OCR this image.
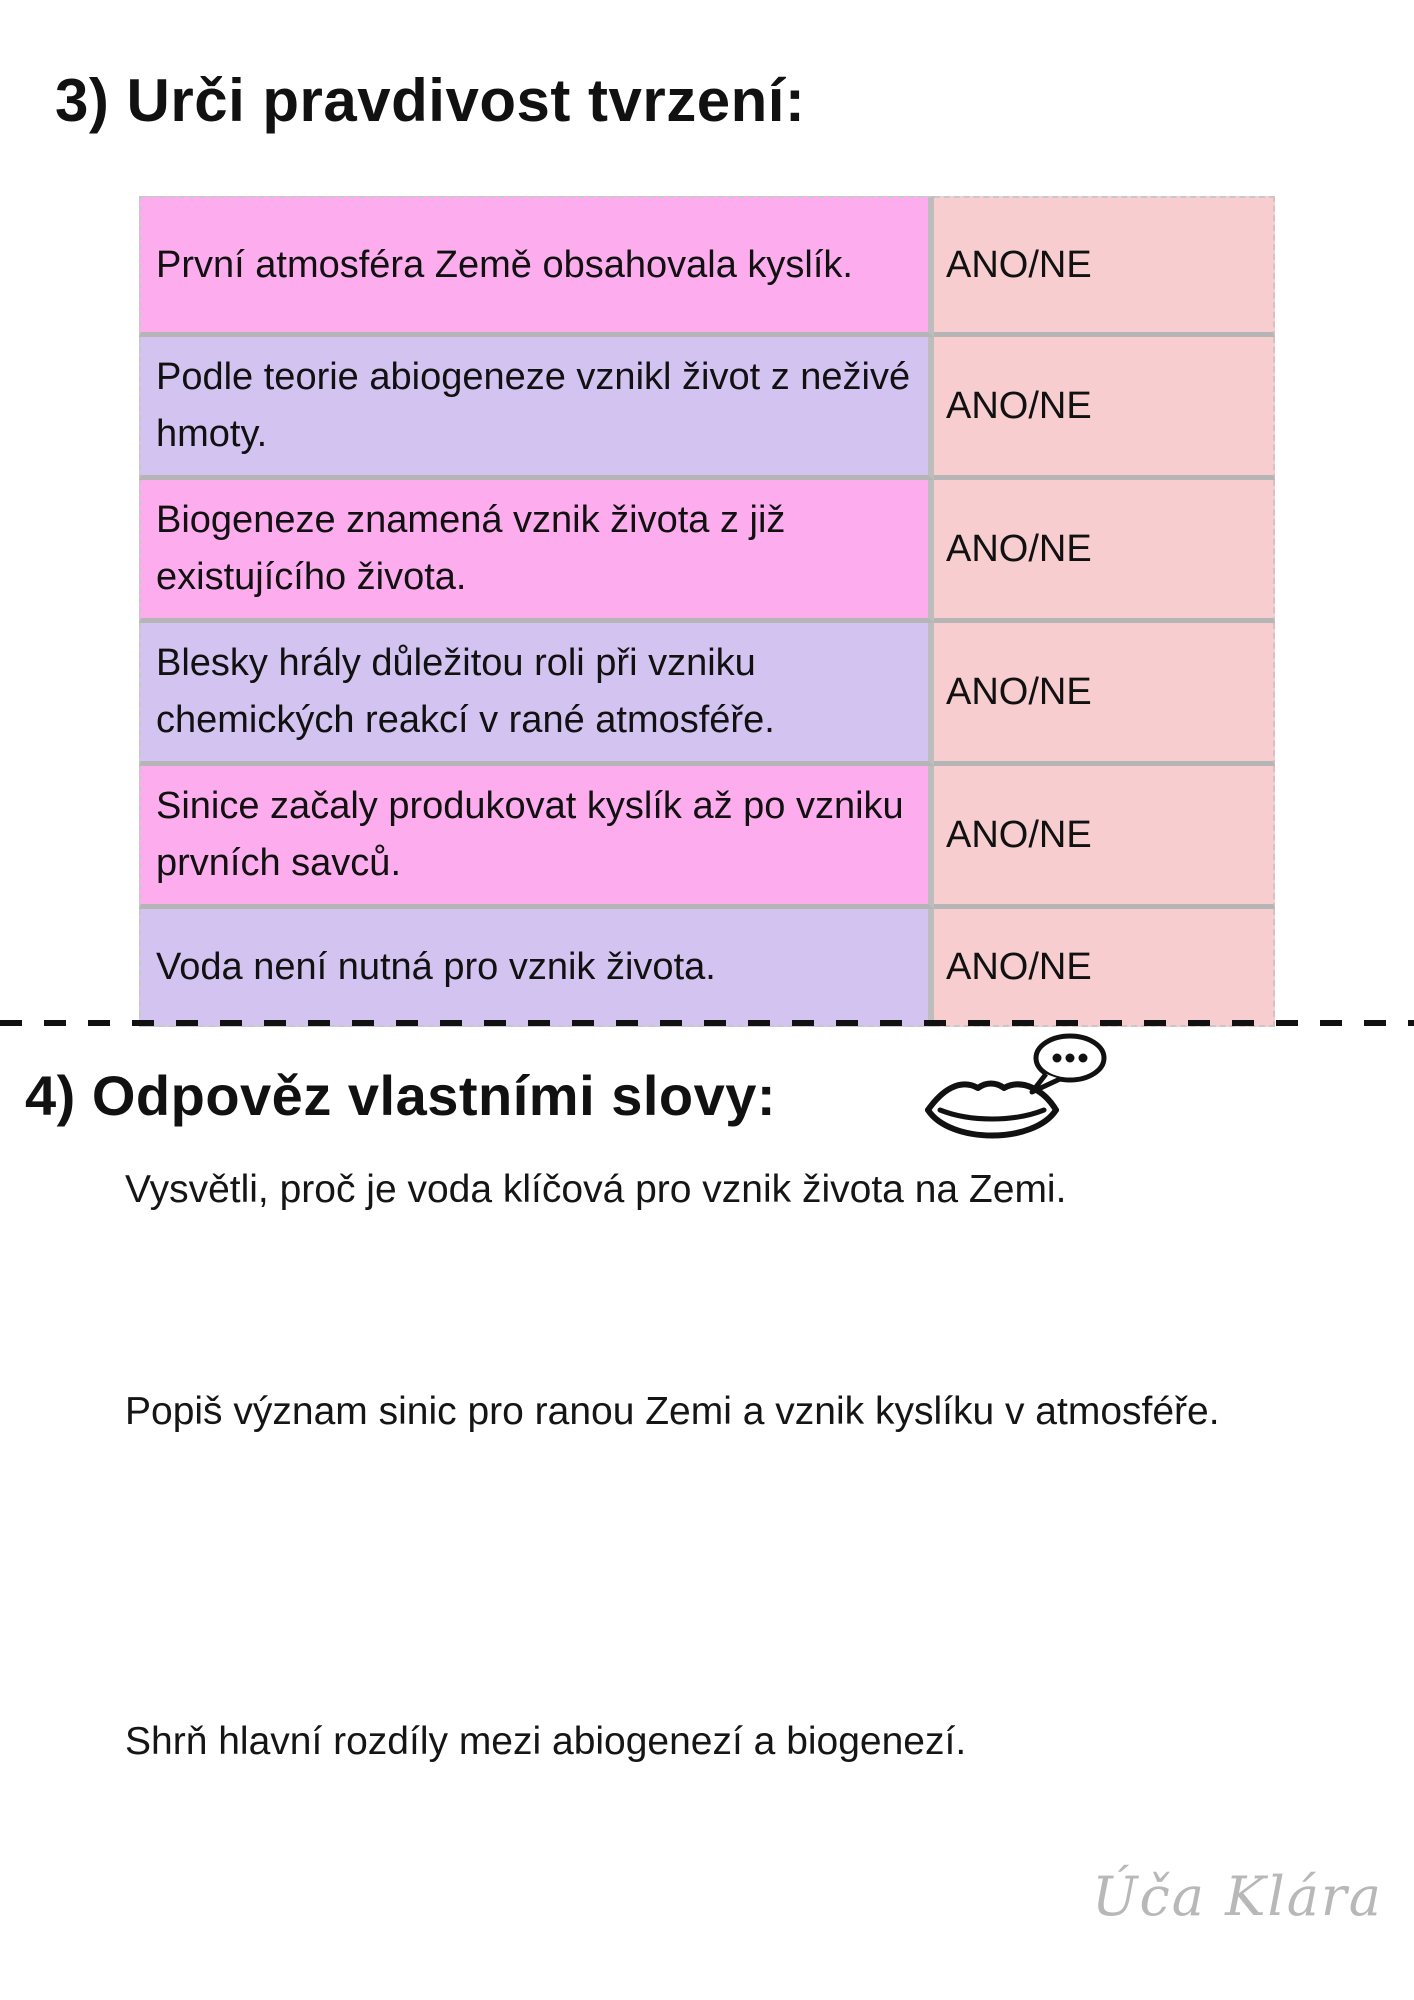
3) Urči pravdivost tvrzení:
První atmosféra Země obsahovala kyslík.	ANO/NE
Podle teorie abiogeneze vznikl život z neživé hmoty.	ANO/NE
Biogeneze znamená vznik života z již existujícího života.	ANO/NE
Blesky hrály důležitou roli při vzniku chemických reakcí v rané atmosféře.	ANO/NE
Sinice začaly produkovat kyslík až po vzniku prvních savců.	ANO/NE
Voda není nutná pro vznik života.	ANO/NE
4) Odpověz vlastními slovy:

Vysvětli, proč je voda klíčová pro vznik života na Zemi.

Popiš význam sinic pro ranou Zemi a vznik kyslíku v atmosféře.

Shrň hlavní rozdíly mezi abiogenezí a biogenezí.

Úča Klára
